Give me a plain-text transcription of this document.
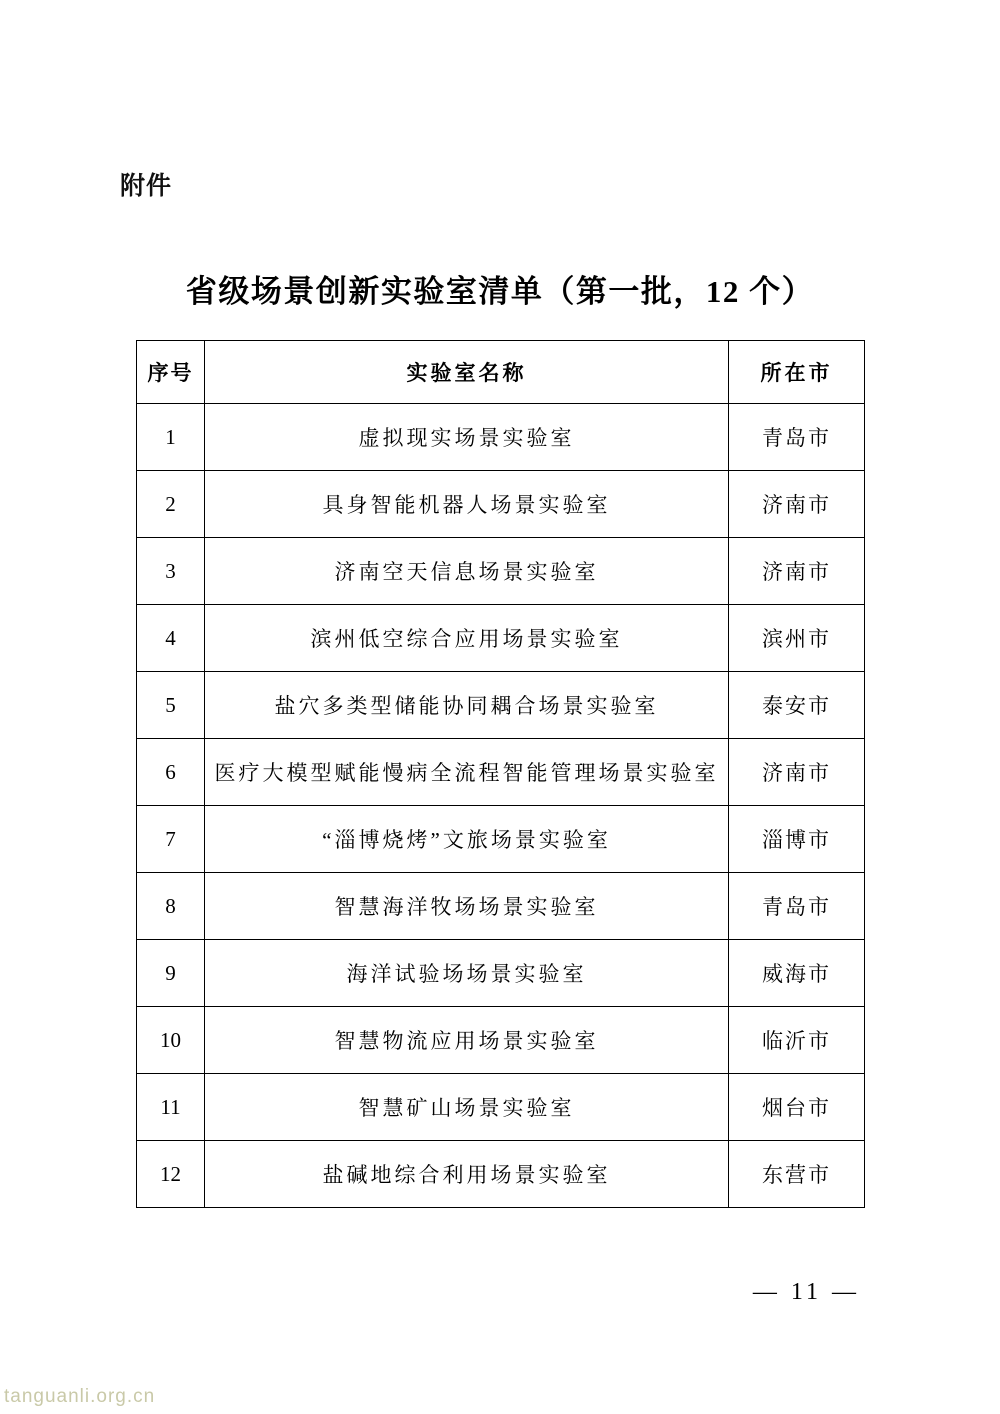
附件
省级场景创新实验室清单（第一批，12 个）
序号	实验室名称	所在市
1	虚拟现实场景实验室	青岛市
2	具身智能机器人场景实验室	济南市
3	济南空天信息场景实验室	济南市
4	滨州低空综合应用场景实验室	滨州市
5	盐穴多类型储能协同耦合场景实验室	泰安市
6	医疗大模型赋能慢病全流程智能管理场景实验室	济南市
7	“淄博烧烤”文旅场景实验室	淄博市
8	智慧海洋牧场场景实验室	青岛市
9	海洋试验场场景实验室	威海市
10	智慧物流应用场景实验室	临沂市
11	智慧矿山场景实验室	烟台市
12	盐碱地综合利用场景实验室	东营市
— 11 —
tanguanli.org.cn
